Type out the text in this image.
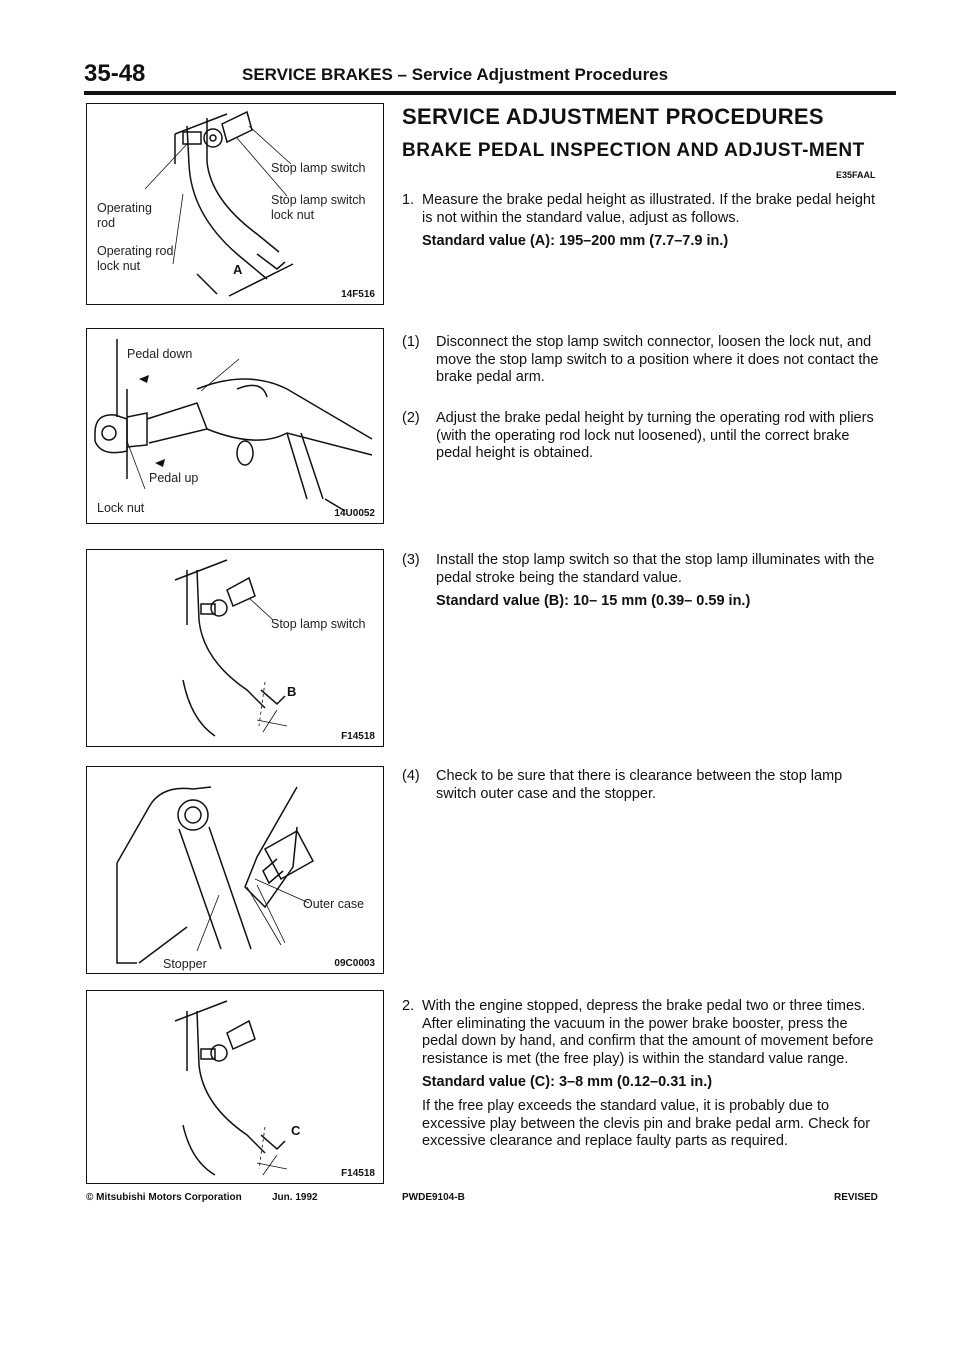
35-48	SERVICE BRAKES – Service Adjustment Procedures
Stop lamp switch
Stop lamp switch lock nut
Operating rod
Operating rod lock nut	A
14F516
Pedal down
Pedal up
Lock nut	14U0052
Stop lamp switch
B
F14518
Outer case
Stopper	09C0003
C
F14518
SERVICE ADJUSTMENT PROCEDURES
BRAKE PEDAL INSPECTION AND ADJUST-MENT
E35FAAL
1. Measure the brake pedal height as illustrated. If the brake pedal height is not within the standard value, adjust as follows.
Standard value (A): 195–200 mm (7.7–7.9 in.)
(1) Disconnect the stop lamp switch connector, loosen the lock nut, and move the stop lamp switch to a position where it does not contact the brake pedal arm.
(2) Adjust the brake pedal height by turning the operating rod with pliers (with the operating rod lock nut loosened), until the correct brake pedal height is obtained.
(3) Install the stop lamp switch so that the stop lamp illuminates with the pedal stroke being the standard value.
Standard value (B): 10– 15 mm (0.39– 0.59 in.)
(4) Check to be sure that there is clearance between the stop lamp switch outer case and the stopper.
2. With the engine stopped, depress the brake pedal two or three times. After eliminating the vacuum in the power brake booster, press the pedal down by hand, and confirm that the amount of movement before resistance is met (the free play) is within the standard value range.
Standard value (C): 3–8 mm (0.12–0.31 in.)
If the free play exceeds the standard value, it is probably due to excessive play between the clevis pin and brake pedal arm. Check for excessive clearance and replace faulty parts as required.
© Mitsubishi Motors Corporation	Jun. 1992	PWDE9104-B	REVISED
